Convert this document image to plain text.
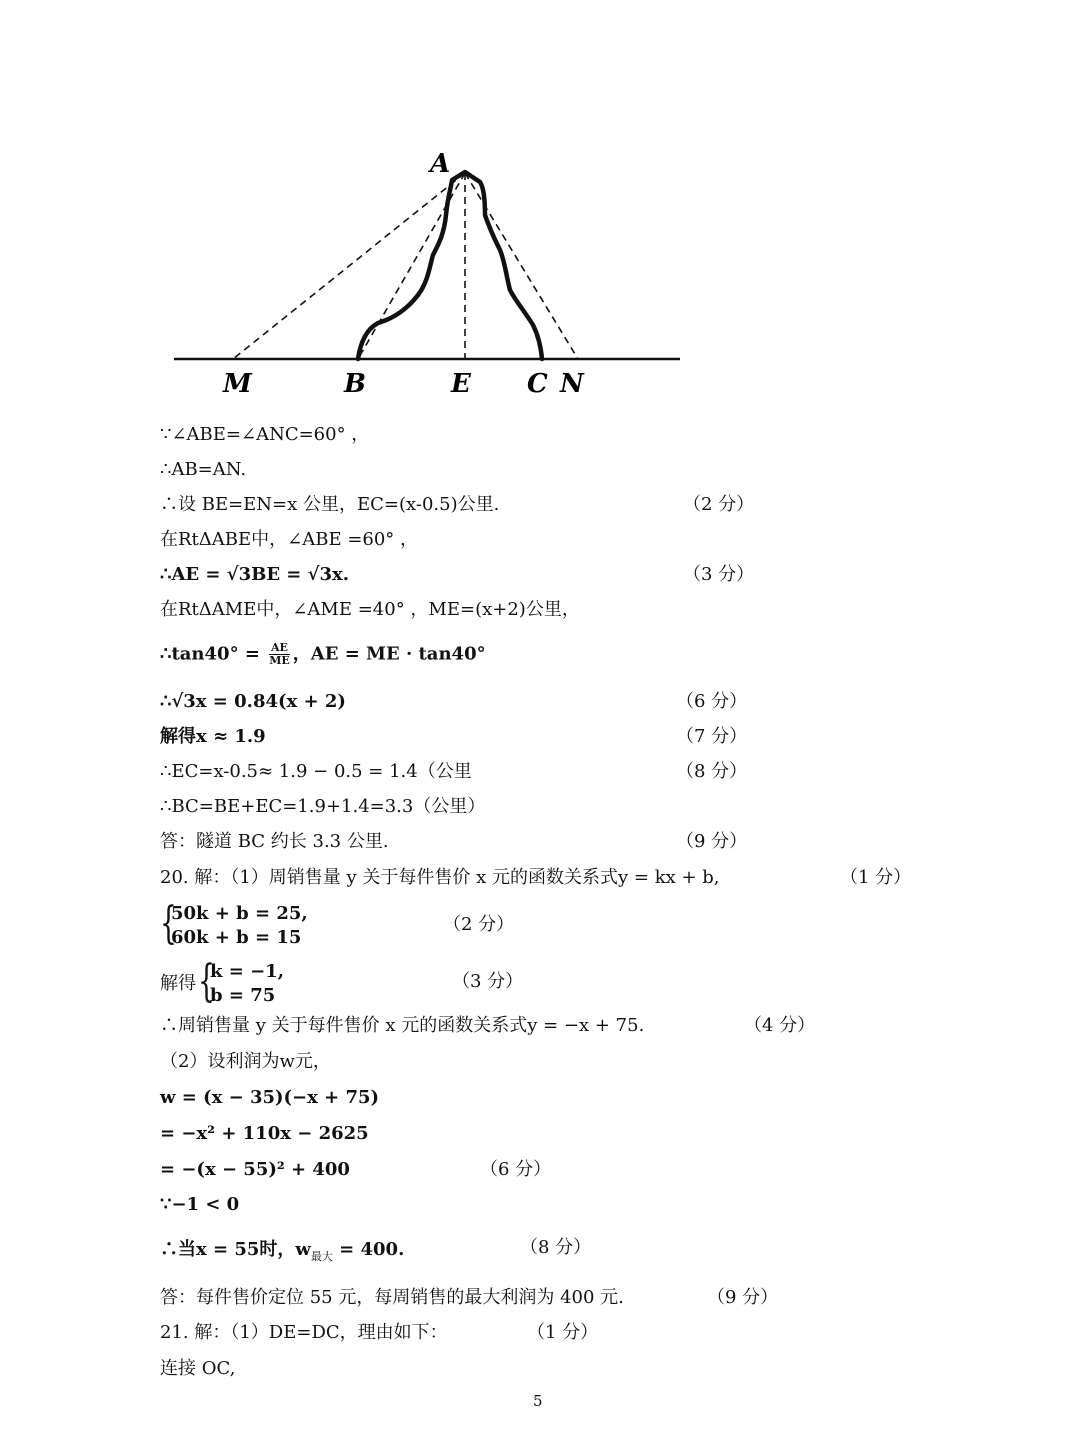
A
M	B	E C N
∵∠ABE=∠ANC=60° ，
∴AB=AN.
∴设 BE=EN=x 公里，EC=(x-0.5)公里.	（2 分）
在RtΔABE中，∠ABE =60° ，
∴AE = √3BE = √3x.	（3 分）
在RtΔAME中，∠AME =40° ，ME=(x+2)公里，
∴tan40° = $\frac{AE}{ME}$ ，AE = ME · tan40°
∴√3x = 0.84(x + 2)	（6 分）
解得x ≈ 1.9	（7 分）
∴EC=x-0.5≈ 1.9 − 0.5 = 1.4（公里	（8 分）
∴BC=BE+EC=1.9+1.4=3.3（公里）
答：隧道 BC 约长 3.3 公里.	（9 分）
20. 解：（1）周销售量 y 关于每件售价 x 元的函数关系式y = kx + b,	（1 分）
{
50k + b = 25,
60k + b = 15
（2 分）
解得 {
k = −1,
b = 75
（3 分）
∴周销售量 y 关于每件售价 x 元的函数关系式y = −x + 75.	（4 分）
（2）设利润为w元，
w = (x − 35)(−x + 75)
= −x² + 110x − 2625
= −(x − 55)² + 400	（6 分）
∵−1 < 0
∴当x = 55时，$w_{最大} = 400$.	（8 分）
答：每件售价定位 55 元，每周销售的最大利润为 400 元.	（9 分）
21. 解：（1）DE=DC，理由如下：	（1 分）
连接 OC,
5
